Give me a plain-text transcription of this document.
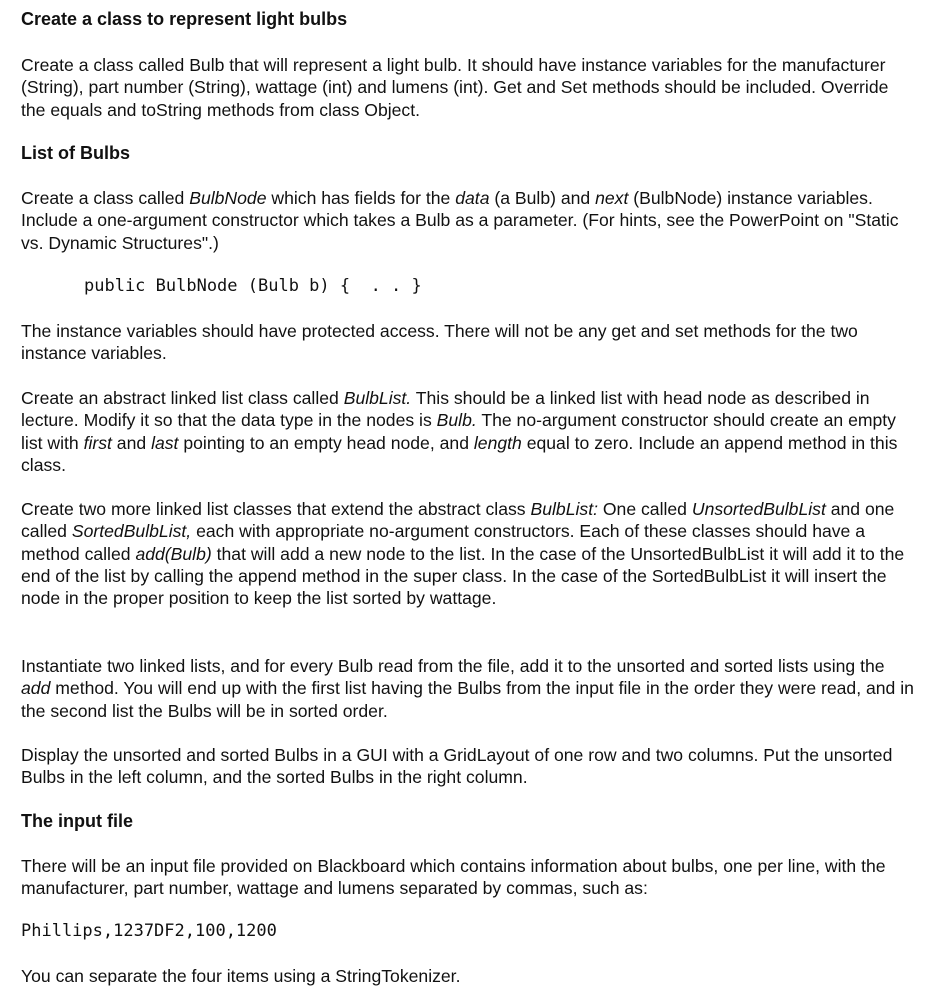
Create a class to represent light bulbs

Create a class called Bulb that will represent a light bulb. It should have instance variables for the manufacturer (String), part number (String), wattage (int) and lumens (int). Get and Set methods should be included. Override the equals and toString methods from class Object.

List of Bulbs

Create a class called BulbNode which has fields for the data (a Bulb) and next (BulbNode) instance variables. Include a one-argument constructor which takes a Bulb as a parameter. (For hints, see the PowerPoint on "Static vs. Dynamic Structures".)

public BulbNode (Bulb b) {  . . }

The instance variables should have protected access. There will not be any get and set methods for the two instance variables.

Create an abstract linked list class called BulbList. This should be a linked list with head node as described in lecture. Modify it so that the data type in the nodes is Bulb. The no-argument constructor should create an empty list with first and last pointing to an empty head node, and length equal to zero. Include an append method in this class.

Create two more linked list classes that extend the abstract class BulbList: One called UnsortedBulbList and one called SortedBulbList, each with appropriate no-argument constructors. Each of these classes should have a method called add(Bulb) that will add a new node to the list. In the case of the UnsortedBulbList it will add it to the end of the list by calling the append method in the super class. In the case of the SortedBulbList it will insert the node in the proper position to keep the list sorted by wattage.

Instantiate two linked lists, and for every Bulb read from the file, add it to the unsorted and sorted lists using the add method. You will end up with the first list having the Bulbs from the input file in the order they were read, and in the second list the Bulbs will be in sorted order.

Display the unsorted and sorted Bulbs in a GUI with a GridLayout of one row and two columns. Put the unsorted Bulbs in the left column, and the sorted Bulbs in the right column.

The input file

There will be an input file provided on Blackboard which contains information about bulbs, one per line, with the manufacturer, part number, wattage and lumens separated by commas, such as:

Phillips,1237DF2,100,1200

You can separate the four items using a StringTokenizer.
